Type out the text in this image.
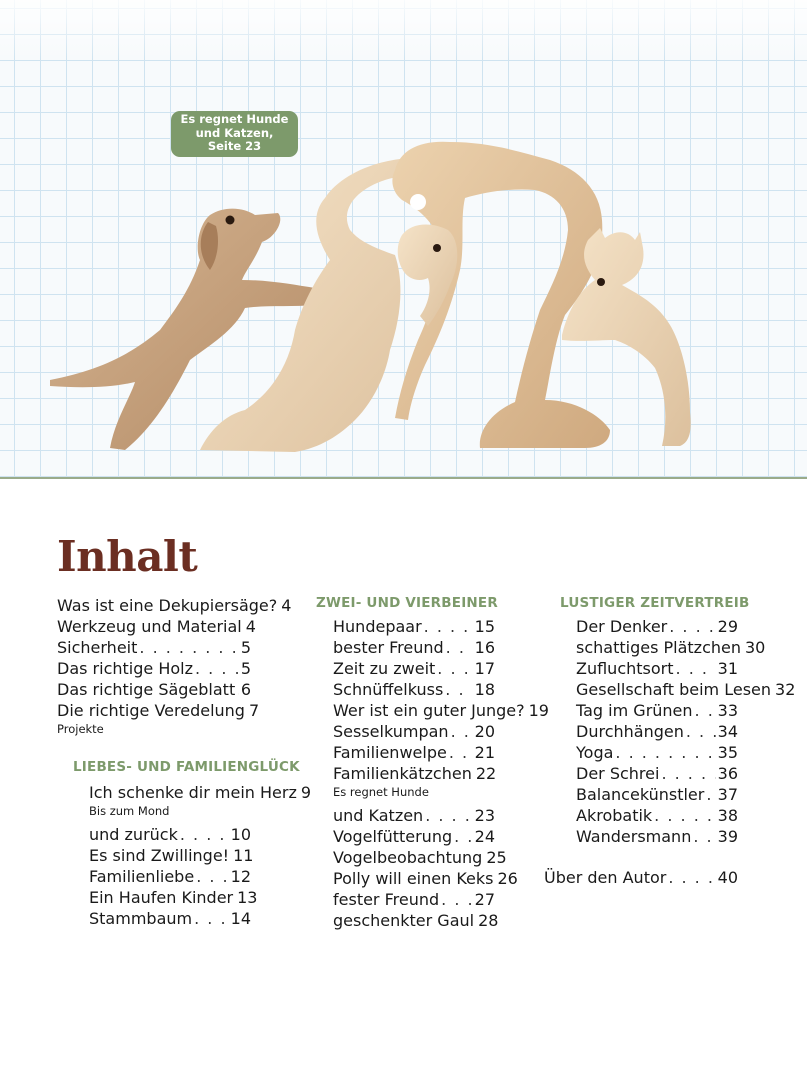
Es regnet Hunde
und Katzen,
Seite 23
Inhalt
Was ist eine Dekupiersäge? 4
Werkzeug und Material 4
Sicherheit . . .	5
Das richtige Holz . . .	5
Das richtige Sägeblatt . . . 6
Die richtige Veredelung 7
Projekte
LIEBES- UND FAMILIENGLÜCK
Ich schenke dir mein Herz 9
Bis zum Mond
und zurück . . .	10
Es sind Zwillinge! 11
Familienliebe . . . 12
Ein Haufen Kinder 13
Stammbaum . . . 14
ZWEI- UND VIERBEINER
Hundepaar . . .	15
bester Freund . . . 16
Zeit zu zweit . . . 17
Schnüffelkuss . . . 18
Wer ist ein guter Junge? 19
Sesselkumpan . . . 20
Familienwelpe . . . 21
Familienkätzchen 22
Es regnet Hunde
und Katzen . . .	23
Vogelfütterung . . . 24
Vogelbeobachtung 25
Polly will einen Keks 26
fester Freund . . . 27
geschenkter Gaul 28
LUSTIGER ZEITVERTREIB
Der Denker . . .	29
schattiges Plätzchen 30
Zufluchtsort . . .	31
Gesellschaft beim Lesen 32
Tag im Grünen . . . 33
Durchhängen . . . 34
Yoga . . .	35
Der Schrei . . .	36
Balancekünstler . . . 37
Akrobatik . . .	38
Wandersmann . . . 39
Über den Autor . . .	40
